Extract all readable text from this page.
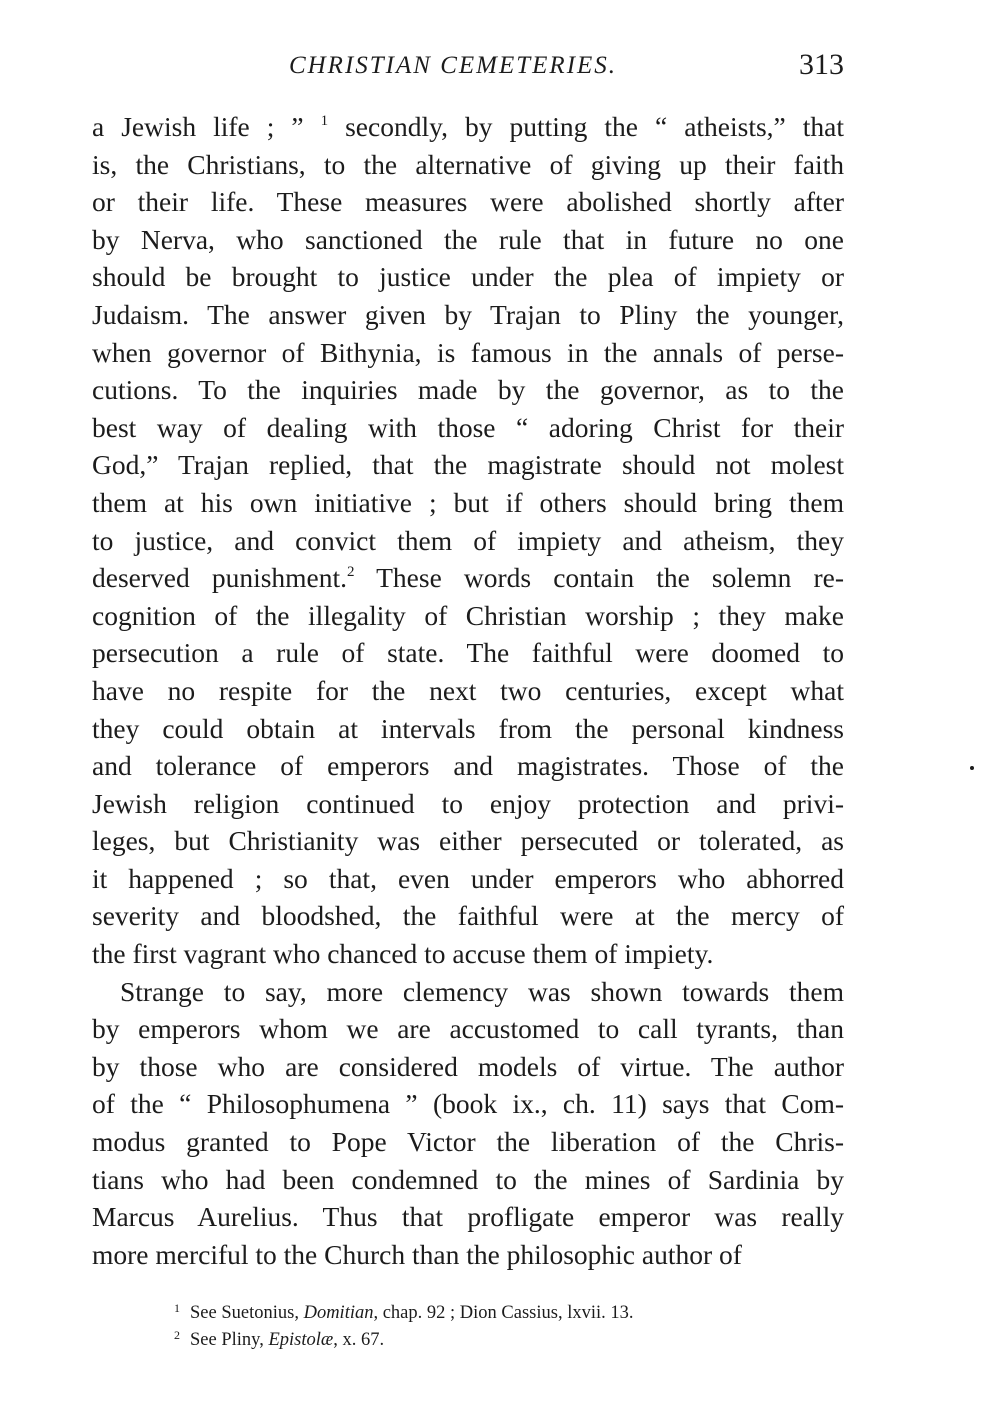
CHRISTIAN CEMETERIES.	313
a Jewish life ; ” $^1$ secondly, by putting the “ atheists,” that
is, the Christians, to the alternative of giving up their faith
or their life. These measures were abolished shortly after
by Nerva, who sanctioned the rule that in future no one
should be brought to justice under the plea of impiety or
Judaism. The answer given by Trajan to Pliny the younger,
when governor of Bithynia, is famous in the annals of perse-
cutions. To the inquiries made by the governor, as to the
best way of dealing with those “ adoring Christ for their
God,” Trajan replied, that the magistrate should not molest
them at his own initiative ; but if others should bring them
to justice, and convict them of impiety and atheism, they
deserved punishment.$^2$ These words contain the solemn re-
cognition of the illegality of Christian worship ; they make
persecution a rule of state. The faithful were doomed to
have no respite for the next two centuries, except what
they could obtain at intervals from the personal kindness
and tolerance of emperors and magistrates. Those of the
Jewish religion continued to enjoy protection and privi-
leges, but Christianity was either persecuted or tolerated, as
it happened ; so that, even under emperors who abhorred
severity and bloodshed, the faithful were at the mercy of
the first vagrant who chanced to accuse them of impiety.
Strange to say, more clemency was shown towards them
by emperors whom we are accustomed to call tyrants, than
by those who are considered models of virtue. The author
of the “ Philosophumena ” (book ix., ch. 11) says that Com-
modus granted to Pope Victor the liberation of the Chris-
tians who had been condemned to the mines of Sardinia by
Marcus Aurelius. Thus that profligate emperor was really
more merciful to the Church than the philosophic author of
$^1$ See Suetonius, Domitian, chap. 92 ; Dion Cassius, lxvii. 13.
$^2$ See Pliny, Epistolæ, x. 67.
